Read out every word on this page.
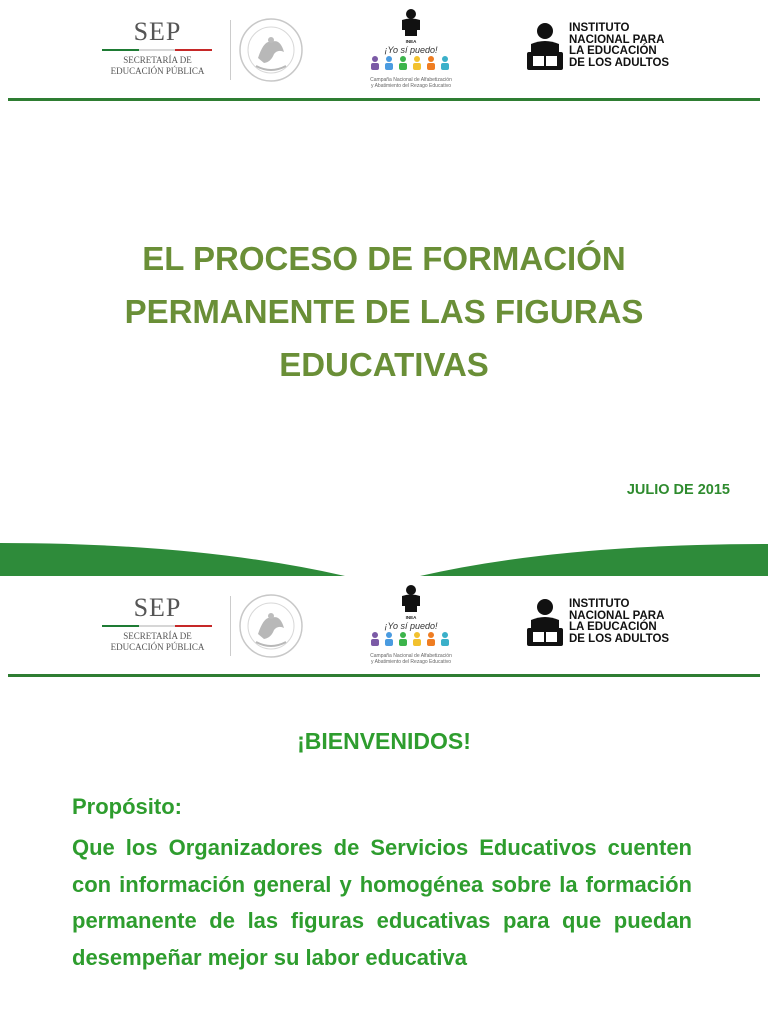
SEP
SECRETARÍA DE
EDUCACIÓN PÚBLICA
INEA
¡Yo sí puedo!
Campaña Nacional de Alfabetización
y Abatimiento del Rezago Educativo
INSTITUTO
NACIONAL PARA
LA EDUCACIÓN
DE LOS ADULTOS
EL PROCESO DE FORMACIÓN
PERMANENTE DE LAS FIGURAS
EDUCATIVAS
JULIO DE 2015
SEP
SECRETARÍA DE
EDUCACIÓN PÚBLICA
INEA
¡Yo sí puedo!
Campaña Nacional de Alfabetización
y Abatimiento del Rezago Educativo
INSTITUTO
NACIONAL PARA
LA EDUCACIÓN
DE LOS ADULTOS
¡BIENVENIDOS!
Propósito:

Que los Organizadores de Servicios Educativos cuenten con información general y homogénea sobre la formación permanente de las figuras educativas para que puedan desempeñar mejor su labor educativa
